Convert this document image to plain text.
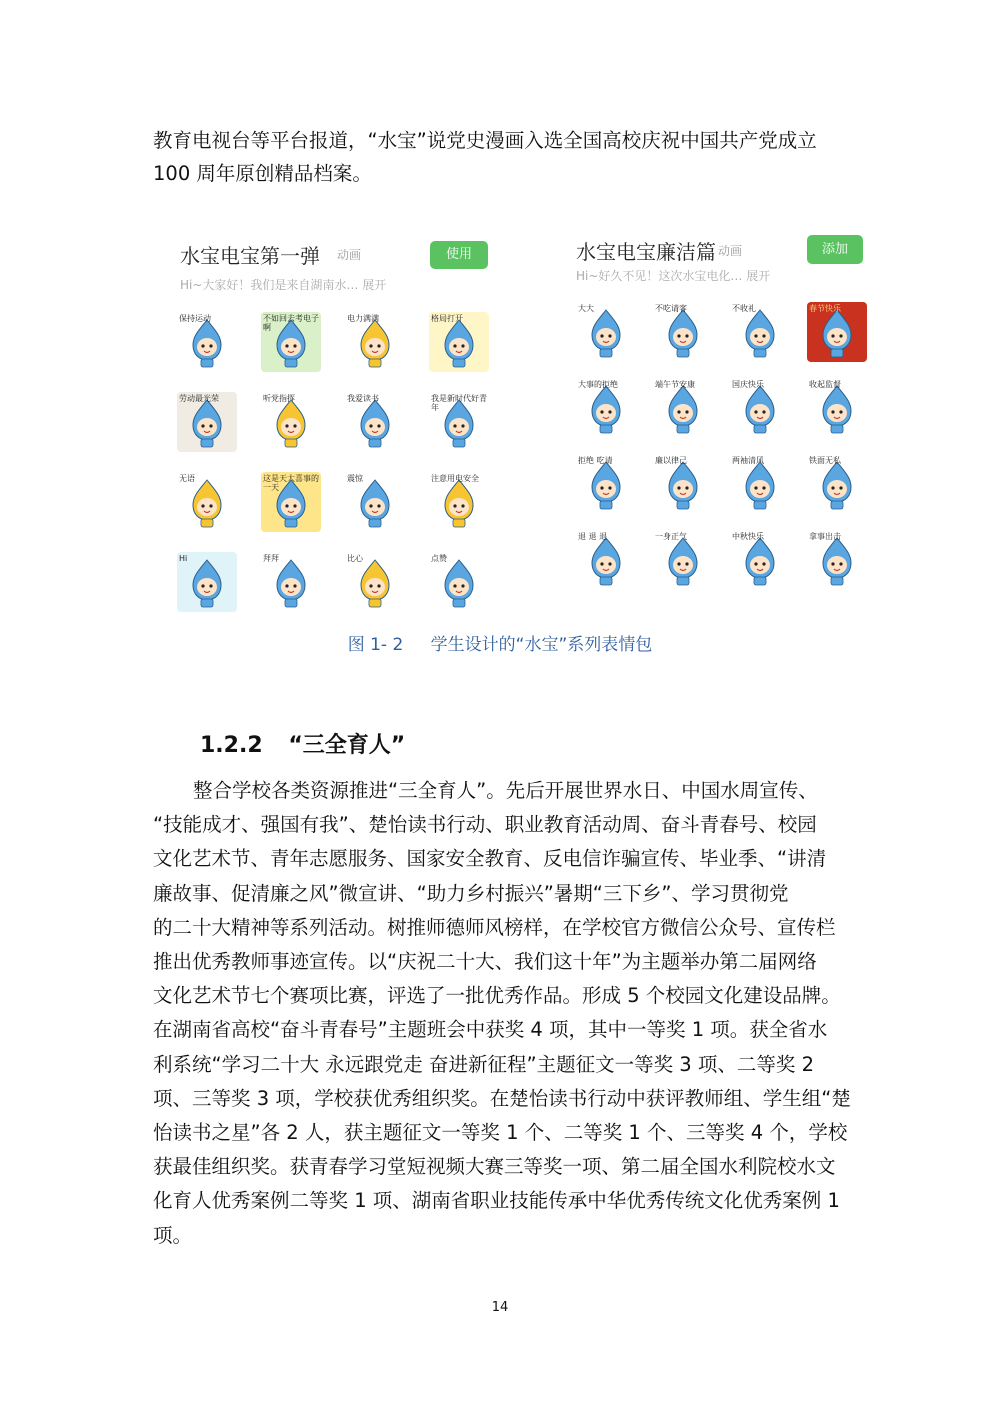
教育电视台等平台报道，“水宝”说党史漫画入选全国高校庆祝中国共产党成立

100 周年原创精品档案。
水宝电宝第一弹 动画	使用
Hi~大家好！我们是来自湖南水… 展开
保持运动	不如回去考电子啊
电力满满	格局打开
劳动最光荣	听党指挥	我爱读书	我是新时代好青年
无语	这是天大喜事的一天
震惊	注意用电安全
Hi	拜拜	比心	点赞
水宝电宝廉洁篇 动画	添加
Hi~好久不见！这次水宝电化… 展开
大大	不吃请客	不收礼	春节快乐
大事的拒绝	端午节安康	国庆快乐	收起监督
拒绝 吃请	廉以律己	两袖清风	铁面无私
退 退 退	一身正气	中秋快乐	拿事出击
图 1- 2 学生设计的“水宝”系列表情包
1.2.2 “三全育人”
整合学校各类资源推进“三全育人”。先后开展世界水日、中国水周宣传、
“技能成才、强国有我”、楚怡读书行动、职业教育活动周、奋斗青春号、校园
文化艺术节、青年志愿服务、国家安全教育、反电信诈骗宣传、毕业季、“讲清
廉故事、促清廉之风”微宣讲、“助力乡村振兴”暑期“三下乡”、学习贯彻党
的二十大精神等系列活动。树推师德师风榜样，在学校官方微信公众号、宣传栏
推出优秀教师事迹宣传。以“庆祝二十大、我们这十年”为主题举办第二届网络
文化艺术节七个赛项比赛，评选了一批优秀作品。形成 5 个校园文化建设品牌。
在湖南省高校“奋斗青春号”主题班会中获奖 4 项，其中一等奖 1 项。获全省水
利系统“学习二十大 永远跟党走 奋进新征程”主题征文一等奖 3 项、二等奖 2
项、三等奖 3 项，学校获优秀组织奖。在楚怡读书行动中获评教师组、学生组“楚
怡读书之星”各 2 人，获主题征文一等奖 1 个、二等奖 1 个、三等奖 4 个，学校
获最佳组织奖。获青春学习堂短视频大赛三等奖一项、第二届全国水利院校水文
化育人优秀案例二等奖 1 项、湖南省职业技能传承中华优秀传统文化优秀案例 1
项。
14
